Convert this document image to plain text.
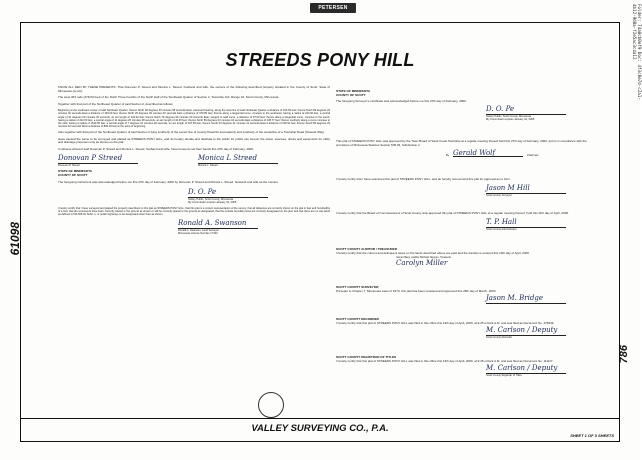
PETERSEN	Folder: 74a8cb0ef9 Doc: 4f3c0e7d-c2a1-4b12-9d8a-f2e5ac3c4a12
61098
786
STREEDS PONY HILL
KNOW ALL MEN BY THESE PRESENTS: That Donovan P. Streed and Monica L. Streed, husband and wife, the owners of the following described property situated in the County of Scott, State of Minnesota (to-wit):
The west 363 rods (478.00 feet) of the North Three Fourths of the North Half of the Southeast Quarter of Section 2, Township 114, Range 22, Scott County, Minnesota.
Together with that part of the Northeast Quarter of said Section 2, described as follows:
Beginning at the southwest corner of said Northeast Quarter; thence North 00 degrees 36 minutes 58 seconds East, assumed bearing, along the west line of said Northeast Quarter a distance of 166.00 feet; thence North 89 degrees 23 minutes 02 seconds East a distance of 139.00 feet; thence North 26 degrees 00 minutes 00 seconds East a distance of 379.85 feet; thence along a tangential curve, concave to the southeast, having a radius of 244.00 feet, a central angle of 31 degrees 00 minutes 00 seconds, an arc length of 132.02 feet; thence North 79 degrees 09 minutes 00 seconds East, tangent to said curve, a distance of 97.00 feet; thence along a tangential curve, concave to the south, having a radius of 222.00 feet, a central angle of 11 degrees 26 minutes 38 seconds, an arc length of 44.35 feet; thence North 89 degrees 23 minutes 02 seconds East a distance of 238.77 feet; thence southerly along a curve concave to the east, having a radius of 1540.00 feet, a central angle of 7 degrees 21 minutes 18 seconds, an arc length of 197.69 feet; thence South 04 degrees 41 minutes 41 seconds East a distance of 109.91 feet; thence South 89 degrees 23 minutes 02 seconds West a distance of 892.04 feet to the point of beginning.
Also together with that part of the Northeast Quarter of said Section 2 lying southerly of the center line of County Road 62 and easterly and southerly of the centerline of a Township Road (Streeds Way).
Have caused the same to be surveyed and platted as STREEDS PONY HILL, and do hereby donate and dedicate to the public for public use forever the street, avenues, drives and easements for utility and drainage purposes only as shown on the plat.
In witness whereof said Donovan P. Streed and Monica L. Streed, husband and wife, have hereunto set their hands this 27th day of February, 2000.
Donovan P Streed
Donovan P. Streed
Monica L Streed
Monica L. Streed
STATE OF MINNESOTA
COUNTY OF SCOTT
The foregoing instrument was acknowledged before me this 27th day of February, 2000 by Donovan P. Streed and Monica L. Streed, husband and wife as the owners.
D. O. Pe
Notary Public, Scott County, Minnesota
My Commission expires January 31, 2005
I hereby certify that I have surveyed and platted the property described on this plat as STREEDS PONY HILL; that this plat is a correct representation of the survey; that all distances are correctly shown on the plat in feet and hundredths of a foot; that all monuments have been correctly placed in the ground as shown or will be correctly placed in the ground as designated; that the outside boundary lines are correctly designated on the plat; and that there are no wet lands as defined in MS 505.02 Subd. 1, or public highways to be designated other than as shown.
Ronald A. Swanson
Ronald A. Swanson, Land Surveyor
Minnesota License Number 17433
STATE OF MINNESOTA
COUNTY OF SCOTT
The foregoing Surveyor's certificate was acknowledged before me this 27th day of February, 2000.
D. O. Pe
Notary Public, Scott County, Minnesota
My Commission expires January 31, 2005
This plat of STREEDS PONY HILL was approved by the Town Board of Sand Creek Township at a regular meeting thereof held this 27th day of February, 2000, and is in compliance with the provisions of Minnesota Statutes Section 505.03, Subdivision 2.
By Gerald Wolf	Chairman
I hereby certify that I have examined this plat of STREEDS PONY HILL, and do hereby recommend this plat for approval as to form.
Jason M Hill
Scott County Surveyor
I hereby certify that the Board of Commissioners of Scott County duly approved this plat of STREEDS PONY HILL at a regular meeting thereof, held this 11th day of April, 2000.
T. P. Hall
Scott County Administrator
SCOTT COUNTY AUDITOR / TREASURER
I hereby certify that the current and delinquent taxes on the lands described above are paid and the transfer is entered this 13th day of April, 2000.
James Berg, Auditor Michael Nguyen, Treasurer
Carolyn Miller
SCOTT COUNTY SURVEYOR
Pursuant to Chapter 7, Minnesota Laws of 1970, this plat has been reviewed and approved this 28th day of March, 2000.
Jason M. Bridge
SCOTT COUNTY RECORDER
I hereby certify that this plat of STREEDS PONY HILL was filed in this office this 13th day of April, 2000, at 9:45 o'clock A.M. and was filed as Document No. 478249.
M. Carlson / Deputy
Scott County Recorder
SCOTT COUNTY REGISTRAR OF TITLES
I hereby certify that this plat of STREEDS PONY HILL was filed in this office this 13th day of April, 2000, at 9:45 o'clock A.M. and was filed as Document No. 111117.
M. Carlson / Deputy
Scott County Registrar of Titles
VALLEY SURVEYING CO., P.A.
SHEET 1 OF 3 SHEETS
